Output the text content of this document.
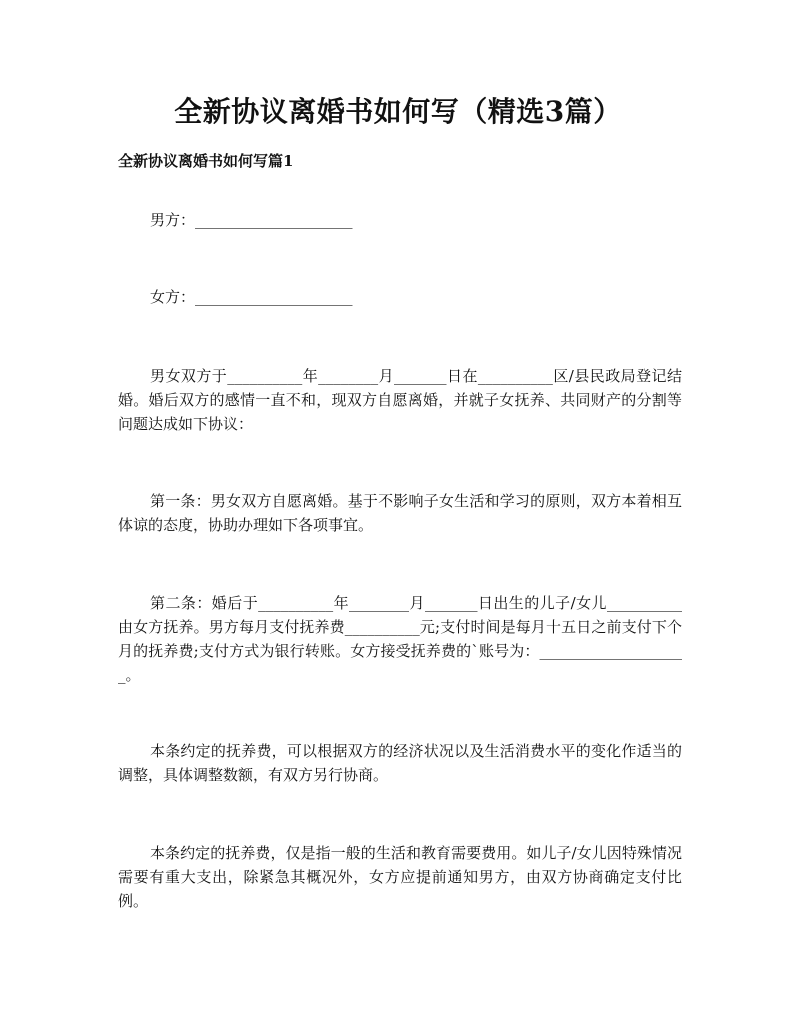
全新协议离婚书如何写（精选3篇）
全新协议离婚书如何写篇1
男方：_____________________
女方：_____________________
男女双方于__________年________月_______日在__________区/县民政局登记结婚。婚后双方的感情一直不和，现双方自愿离婚，并就子女抚养、共同财产的分割等问题达成如下协议：
第一条：男女双方自愿离婚。基于不影响子女生活和学习的原则，双方本着相互体谅的态度，协助办理如下各项事宜。
第二条：婚后于__________年________月_______日出生的儿子/女儿__________由女方抚养。男方每月支付抚养费__________元;支付时间是每月十五日之前支付下个月的抚养费;支付方式为银行转账。女方接受抚养费的`账号为：____________________。
本条约定的抚养费，可以根据双方的经济状况以及生活消费水平的变化作适当的调整，具体调整数额，有双方另行协商。
本条约定的抚养费，仅是指一般的生活和教育需要费用。如儿子/女儿因特殊情况需要有重大支出，除紧急其概况外，女方应提前通知男方，由双方协商确定支付比例。
